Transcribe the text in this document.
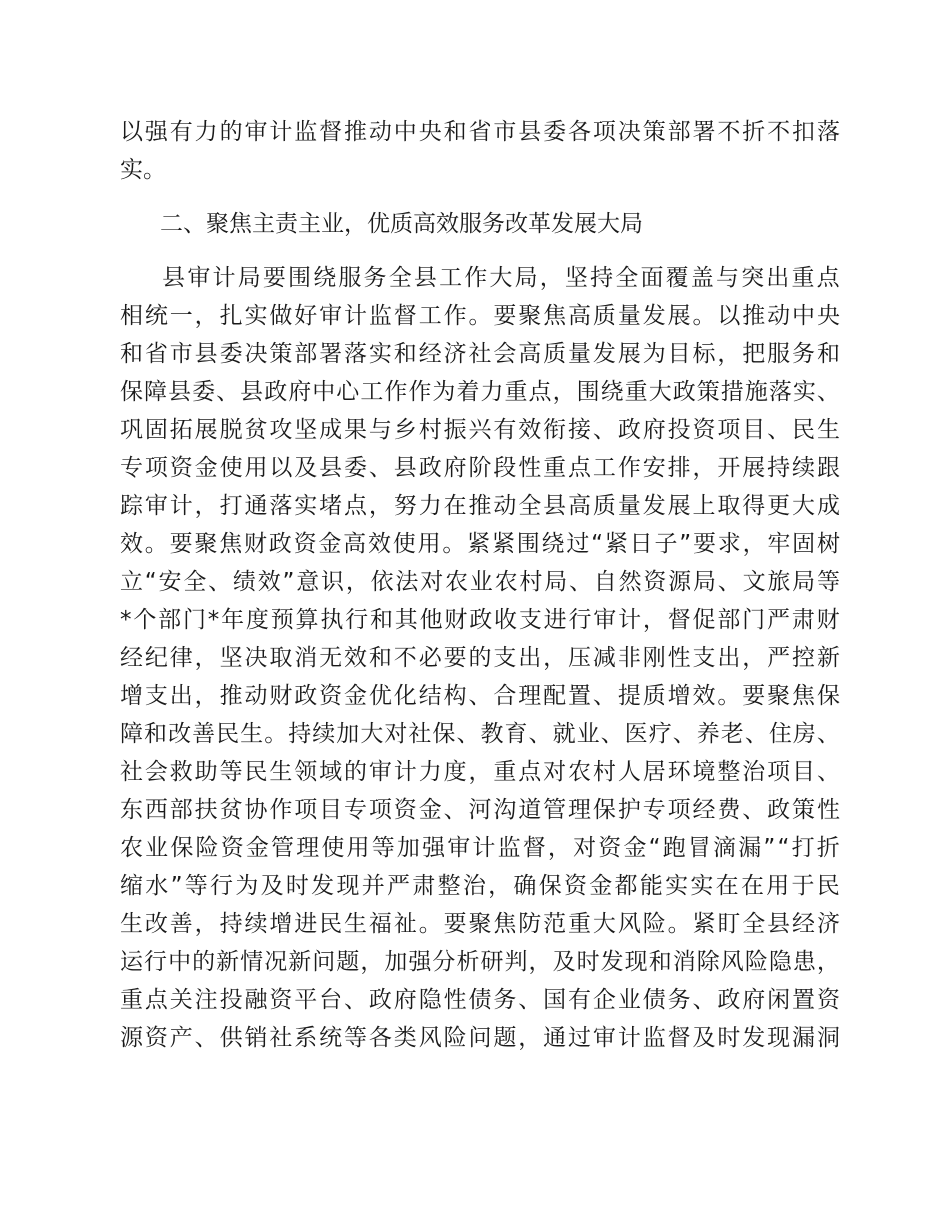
以 强 有 力 的 审 计 监 督 推 动 中 央 和 省 市 县 委 各 项 决 策 部 署 不 折 不 扣 落
实。
二、聚焦主责主业，优质高效服务改革发展大局
县 审 计 局 要 围 绕 服 务 全 县 工 作 大 局 ， 坚 持 全 面 覆 盖 与 突 出 重 点
相 统 一 ， 扎 实 做 好 审 计 监 督 工 作 。 要 聚 焦 高 质 量 发 展 。 以 推 动 中 央
和 省 市 县 委 决 策 部 署 落 实 和 经 济 社 会 高 质 量 发 展 为 目 标 ， 把 服 务 和
保 障 县 委 、 县 政 府 中 心 工 作 作 为 着 力 重 点 ， 围 绕 重 大 政 策 措 施 落 实 、
巩 固 拓 展 脱 贫 攻 坚 成 果 与 乡 村 振 兴 有 效 衔 接 、 政 府 投 资 项 目 、 民 生
专 项 资 金 使 用 以 及 县 委 、 县 政 府 阶 段 性 重 点 工 作 安 排 ， 开 展 持 续 跟
踪 审 计 ， 打 通 落 实 堵 点 ， 努 力 在 推 动 全 县 高 质 量 发 展 上 取 得 更 大 成
效 。 要 聚 焦 财 政 资 金 高 效 使 用 。 紧 紧 围 绕 过 “ 紧 日 子 ” 要 求 ， 牢 固 树
立 “ 安 全 、 绩 效 ” 意 识 ， 依 法 对 农 业 农 村 局 、 自 然 资 源 局 、 文 旅 局 等
* 个 部 门 * 年 度 预 算 执 行 和 其 他 财 政 收 支 进 行 审 计 ， 督 促 部 门 严 肃 财
经 纪 律 ， 坚 决 取 消 无 效 和 不 必 要 的 支 出 ， 压 减 非 刚 性 支 出 ， 严 控 新
增 支 出 ， 推 动 财 政 资 金 优 化 结 构 、 合 理 配 置 、 提 质 增 效 。 要 聚 焦 保
障 和 改 善 民 生 。 持 续 加 大 对 社 保 、 教 育 、 就 业 、 医 疗 、 养 老 、 住 房 、
社 会 救 助 等 民 生 领 域 的 审 计 力 度 ， 重 点 对 农 村 人 居 环 境 整 治 项 目 、
东 西 部 扶 贫 协 作 项 目 专 项 资 金 、 河 沟 道 管 理 保 护 专 项 经 费 、 政 策 性
农 业 保 险 资 金 管 理 使 用 等 加 强 审 计 监 督 ， 对 资 金 “ 跑 冒 滴 漏 ” “ 打 折
缩 水 ” 等 行 为 及 时 发 现 并 严 肃 整 治 ， 确 保 资 金 都 能 实 实 在 在 用 于 民
生 改 善 ， 持 续 增 进 民 生 福 祉 。 要 聚 焦 防 范 重 大 风 险 。 紧 盯 全 县 经 济
运 行 中 的 新 情 况 新 问 题 ， 加 强 分 析 研 判 ， 及 时 发 现 和 消 除 风 险 隐 患 ，
重 点 关 注 投 融 资 平 台 、 政 府 隐 性 债 务 、 国 有 企 业 债 务 、 政 府 闲 置 资
源 资 产 、 供 销 社 系 统 等 各 类 风 险 问 题 ， 通 过 审 计 监 督 及 时 发 现 漏 洞
